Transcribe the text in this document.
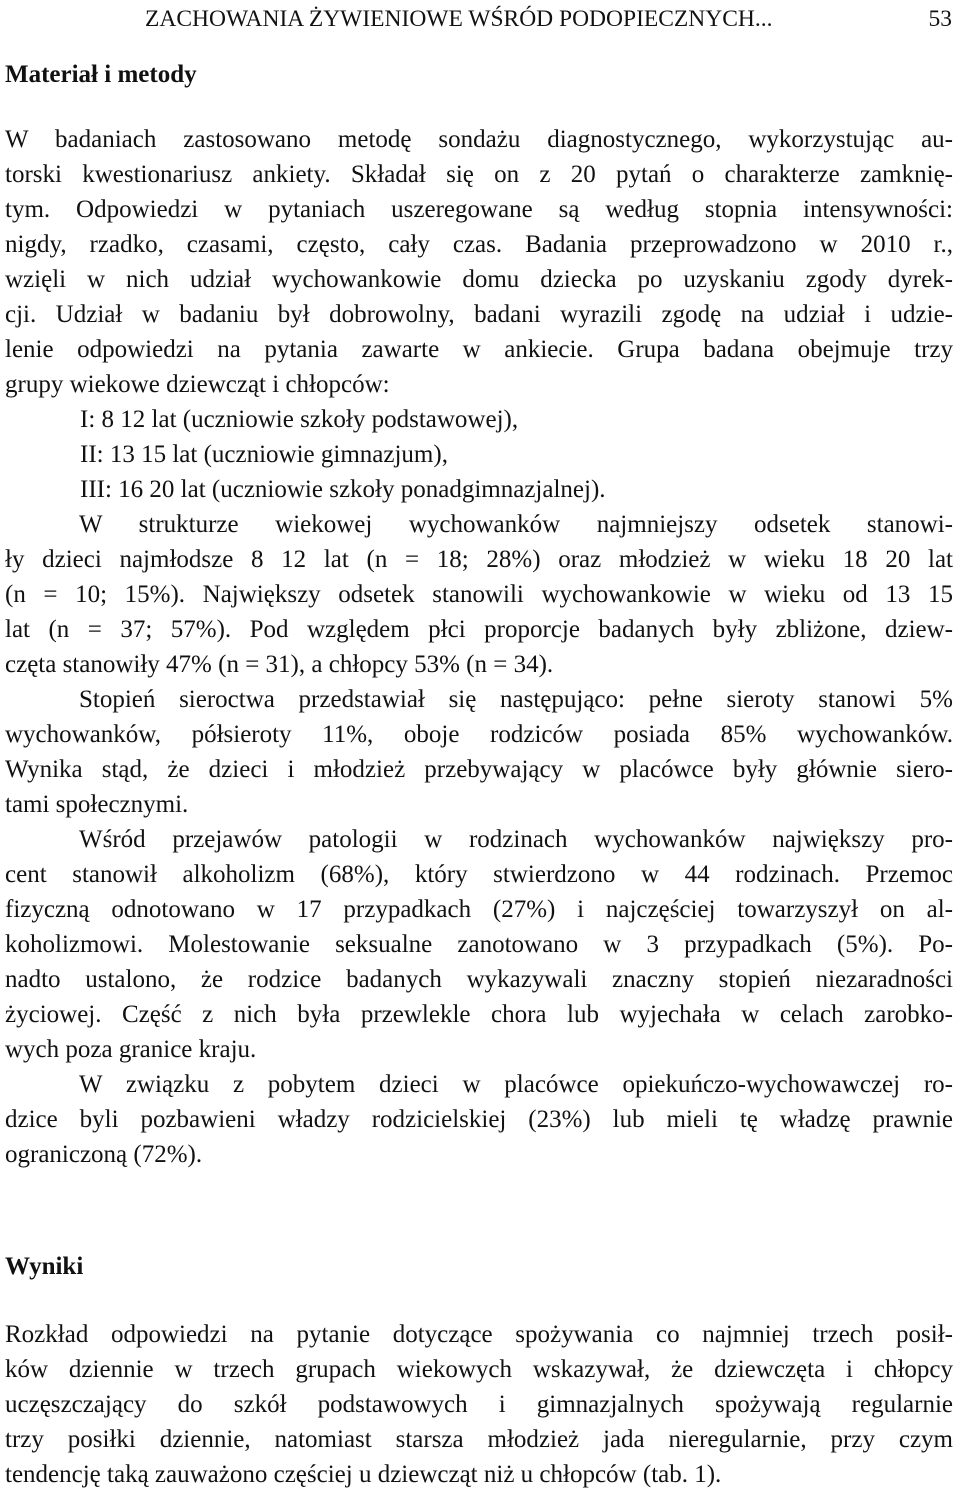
ZACHOWANIA ŻYWIENIOWE WŚRÓD PODOPIECZNYCH...	53
Materiał i metody
W badaniach zastosowano metodę sondażu diagnostycznego, wykorzystując au-
torski kwestionariusz ankiety. Składał się on z 20 pytań o charakterze zamknię-
tym. Odpowiedzi w pytaniach uszeregowane są według stopnia intensywności:
nigdy, rzadko, czasami, często, cały czas. Badania przeprowadzono w 2010 r.,
wzięli w nich udział wychowankowie domu dziecka po uzyskaniu zgody dyrek-
cji. Udział w badaniu był dobrowolny, badani wyrazili zgodę na udział i udzie-
lenie odpowiedzi na pytania zawarte w ankiecie. Grupa badana obejmuje trzy
grupy wiekowe dziewcząt i chłopców:
I: 8 12 lat (uczniowie szkoły podstawowej),
II: 13 15 lat (uczniowie gimnazjum),
III: 16 20 lat (uczniowie szkoły ponadgimnazjalnej).
W strukturze wiekowej wychowanków najmniejszy odsetek stanowi-
ły dzieci najmłodsze 8 12 lat (n = 18; 28%) oraz młodzież w wieku 18 20 lat
(n = 10; 15%). Największy odsetek stanowili wychowankowie w wieku od 13 15
lat (n = 37; 57%). Pod względem płci proporcje badanych były zbliżone, dziew-
częta stanowiły 47% (n = 31), a chłopcy 53% (n = 34).
Stopień sieroctwa przedstawiał się następująco: pełne sieroty stanowi 5%
wychowanków, półsieroty 11%, oboje rodziców posiada 85% wychowanków.
Wynika stąd, że dzieci i młodzież przebywający w placówce były głównie siero-
tami społecznymi.
Wśród przejawów patologii w rodzinach wychowanków największy pro-
cent stanowił alkoholizm (68%), który stwierdzono w 44 rodzinach. Przemoc
fizyczną odnotowano w 17 przypadkach (27%) i najczęściej towarzyszył on al-
koholizmowi. Molestowanie seksualne zanotowano w 3 przypadkach (5%). Po-
nadto ustalono, że rodzice badanych wykazywali znaczny stopień niezaradności
życiowej. Część z nich była przewlekle chora lub wyjechała w celach zarobko-
wych poza granice kraju.
W związku z pobytem dzieci w placówce opiekuńczo-wychowawczej ro-
dzice byli pozbawieni władzy rodzicielskiej (23%) lub mieli tę władzę prawnie
ograniczoną (72%).
Wyniki
Rozkład odpowiedzi na pytanie dotyczące spożywania co najmniej trzech posił-
ków dziennie w trzech grupach wiekowych wskazywał, że dziewczęta i chłopcy
uczęszczający do szkół podstawowych i gimnazjalnych spożywają regularnie
trzy posiłki dziennie, natomiast starsza młodzież jada nieregularnie, przy czym
tendencję taką zauważono częściej u dziewcząt niż u chłopców (tab. 1).
